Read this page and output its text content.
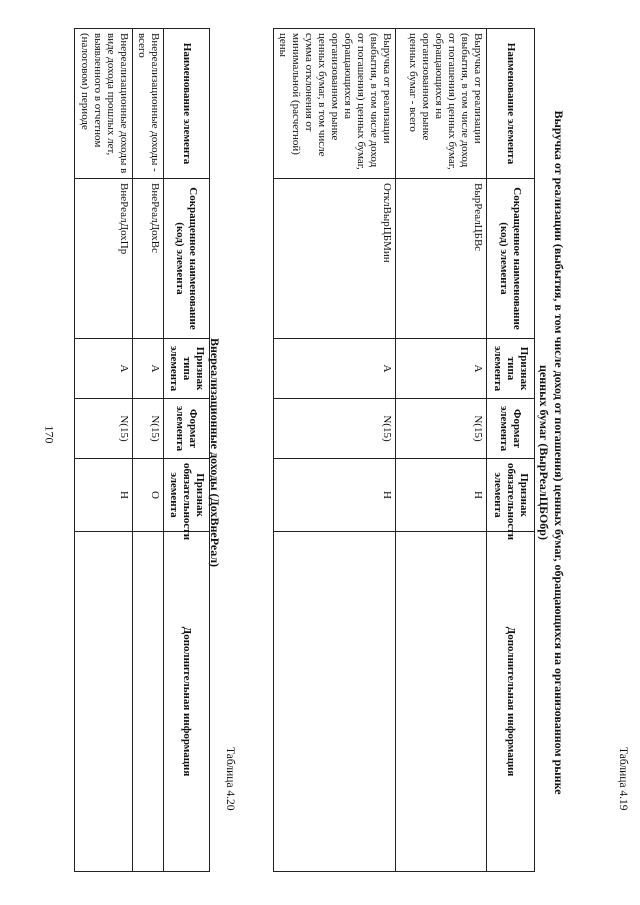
170
Таблица 4.19
Выручка от реализации (выбытия, в том числе доход от погашения) ценных бумаг, обращающихся на организованном рынке
ценных бумаг (ВырРеалЦБОбр)
Наименование элемента	Сокращенное наименование (код) элемента	Признак типа элемента	Формат элемента	Признак обязательности элемента	Дополнительная информация
Выручка от реализации (выбытия, в том числе доход от погашения) ценных бумаг, обращающихся на организованном рынке ценных бумаг - всего	ВырРеалЦБВс	А	N(15)	Н	
Выручка от реализации (выбытия, в том числе доход от погашения) ценных бумаг, обращающихся на организованном рынке ценных бумаг, в том числе сумма отклонения от минимальной (расчетной) цены	ОтклВырЦБМин	А	N(15)	Н	
Таблица 4.20
Внереализационные доходы (ДохВнеРеал)
Наименование элемента	Сокращенное наименование (код) элемента	Признак типа элемента	Формат элемента	Признак обязательности элемента	Дополнительная информация
Внереализационные доходы - всего	ВнеРеалДохВс	А	N(15)	О	
Внереализационные доходы в виде дохода прошлых лет, выявленного в отчетном (налоговом) периоде	ВнеРеалДохПр	А	N(15)	Н	
